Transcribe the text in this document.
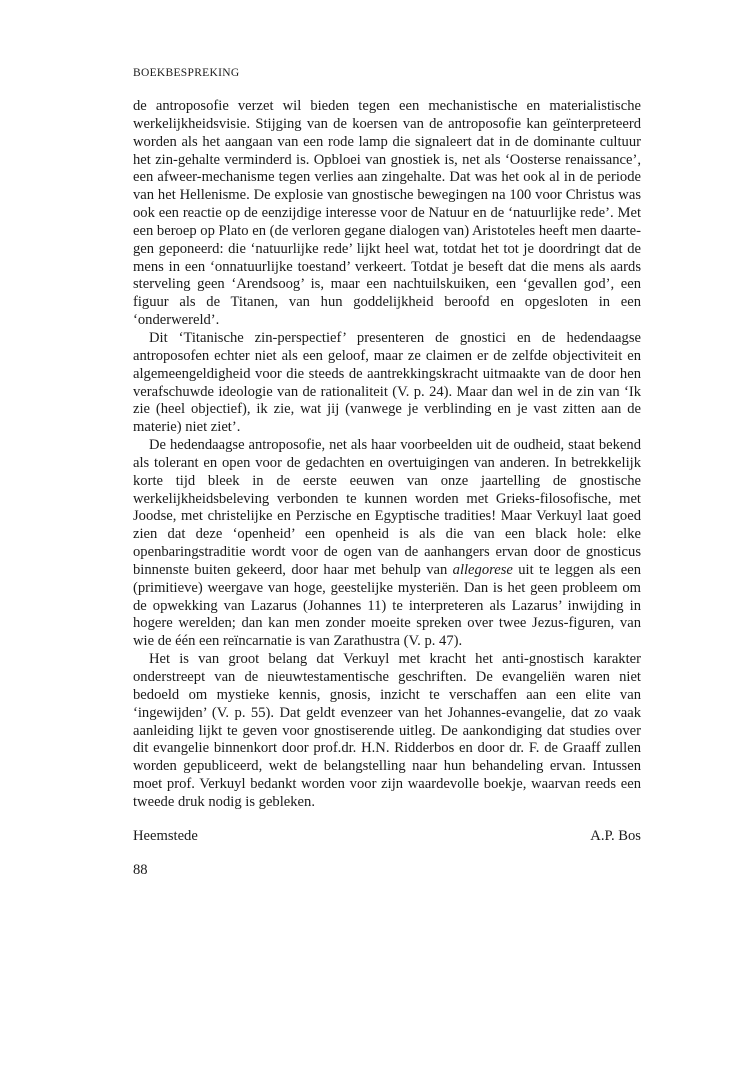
BOEKBESPREKING

de antroposofie verzet wil bieden tegen een mechanistische en materialistische werkelijkheidsvisie. Stijging van de koersen van de antroposofie kan geïnterpreteerd worden als het aangaan van een rode lamp die signaleert dat in de dominante cultuur het zin-gehalte verminderd is. Opbloei van gnostiek is, net als ‘Oosterse renaissance’, een afweer-mechanisme tegen verlies aan zingehalte. Dat was het ook al in de periode van het Hellenisme. De explosie van gnostische bewegingen na 100 voor Christus was ook een reactie op de eenzijdige interesse voor de Natuur en de ‘natuurlijke rede’. Met een beroep op Plato en (de verloren gegane dialogen van) Aristoteles heeft men daartegen geponeerd: die ‘natuurlijke rede’ lijkt heel wat, totdat het tot je doordringt dat de mens in een ‘onnatuurlijke toestand’ verkeert. Totdat je beseft dat die mens als aards sterveling geen ‘Arendsoog’ is, maar een nachtuilskuiken, een ‘gevallen god’, een figuur als de Titanen, van hun goddelijkheid beroofd en opgesloten in een ‘onderwereld’.

Dit ‘Titanische zin-perspectief’ presenteren de gnostici en de hedendaagse antroposofen echter niet als een geloof, maar ze claimen er de zelfde objectiviteit en algemeengeldigheid voor die steeds de aantrekkingskracht uitmaakte van de door hen verafschuwde ideologie van de rationaliteit (V. p. 24). Maar dan wel in de zin van ‘Ik zie (heel objectief), ik zie, wat jij (vanwege je verblinding en je vast zitten aan de materie) niet ziet’.

De hedendaagse antroposofie, net als haar voorbeelden uit de oudheid, staat bekend als tolerant en open voor de gedachten en overtuigingen van anderen. In betrekkelijk korte tijd bleek in de eerste eeuwen van onze jaartelling de gnostische werkelijkheidsbeleving verbonden te kunnen worden met Grieks-filosofische, met Joodse, met christelijke en Perzische en Egyptische tradities! Maar Verkuyl laat goed zien dat deze ‘openheid’ een openheid is als die van een black hole: elke openbaringstraditie wordt voor de ogen van de aanhangers ervan door de gnosticus binnenste buiten gekeerd, door haar met behulp van allegorese uit te leggen als een (primitieve) weergave van hoge, geestelijke mysteriën. Dan is het geen probleem om de opwekking van Lazarus (Johannes 11) te interpreteren als Lazarus’ inwijding in hogere werelden; dan kan men zonder moeite spreken over twee Jezus-figuren, van wie de één een reïncarnatie is van Zarathustra (V. p. 47).

Het is van groot belang dat Verkuyl met kracht het anti-gnostisch karakter onderstreept van de nieuwtestamentische geschriften. De evangeliën waren niet bedoeld om mystieke kennis, gnosis, inzicht te verschaffen aan een elite van ‘ingewijden’ (V. p. 55). Dat geldt evenzeer van het Johannes-evangelie, dat zo vaak aanleiding lijkt te geven voor gnostiserende uitleg. De aankondiging dat studies over dit evangelie binnenkort door prof.dr. H.N. Ridderbos en door dr. F. de Graaff zullen worden gepubliceerd, wekt de belangstelling naar hun behandeling ervan. Intussen moet prof. Verkuyl bedankt worden voor zijn waardevolle boekje, waarvan reeds een tweede druk nodig is gebleken.

Heemstede	A.P. Bos
88
